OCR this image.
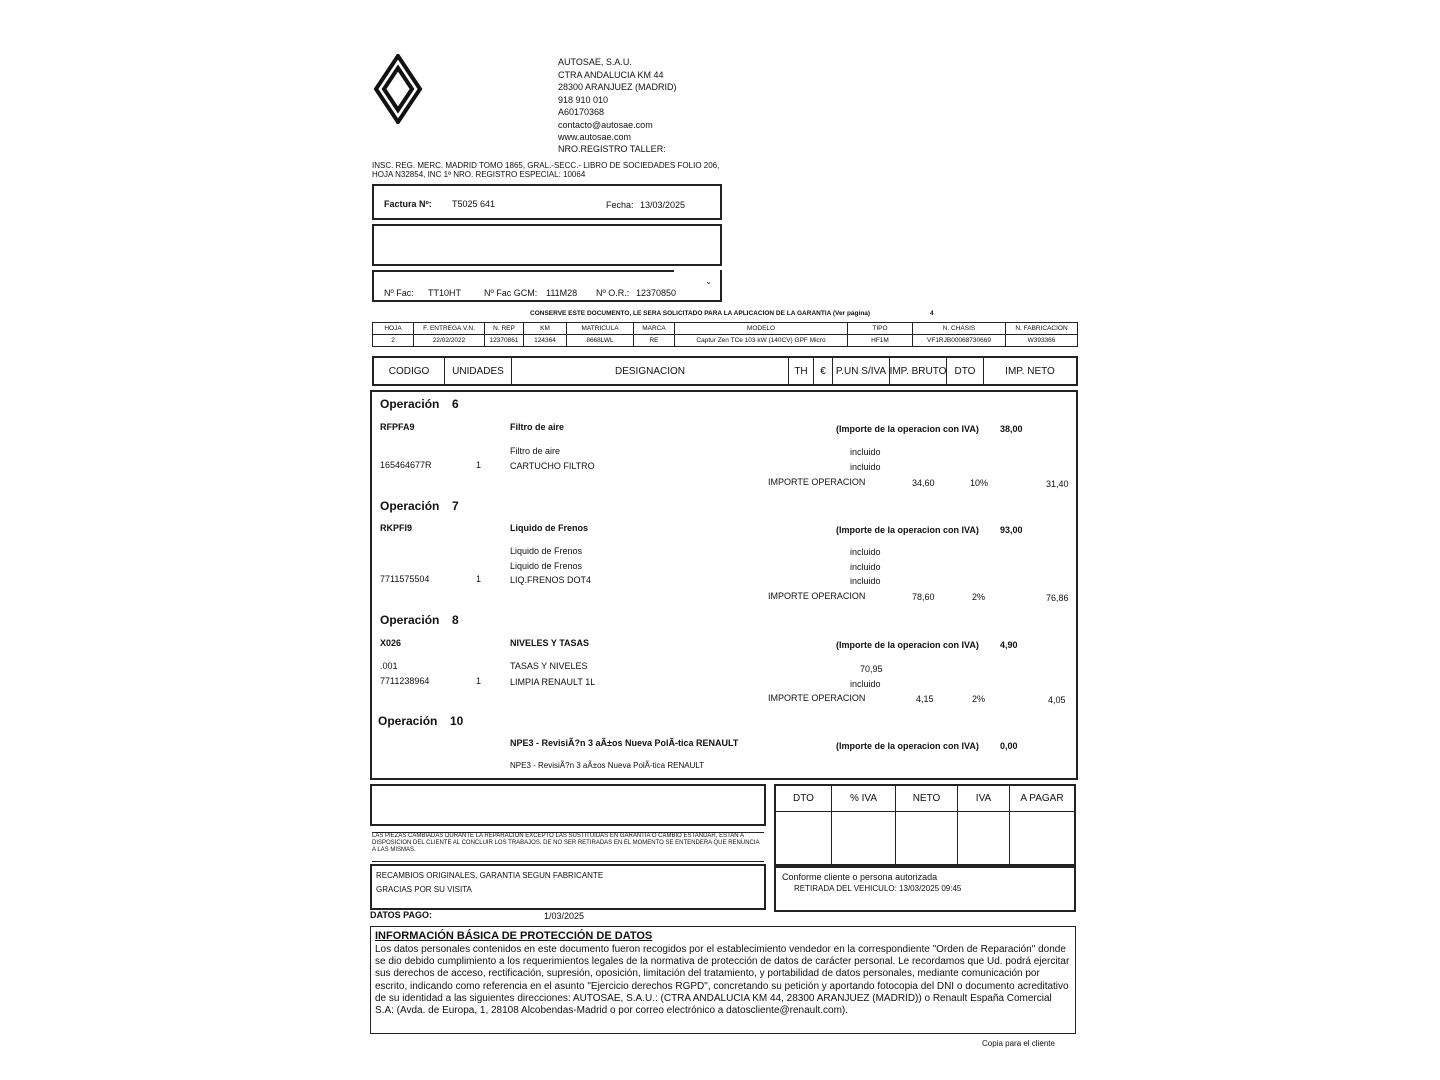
AUTOSAE, S.A.U.
CTRA ANDALUCIA KM 44
28300 ARANJUEZ (MADRID)
918 910 010
A60170368
contacto@autosae.com
www.autosae.com
NRO.REGISTRO TALLER:
INSC. REG. MERC. MADRID TOMO 1865, GRAL.-SECC.- LIBRO DE SOCIEDADES FOLIO 206,
HOJA N32854, INC 1ª NRO. REGISTRO ESPECIAL: 10064
Factura Nº: T5025 641	Fecha: 13/03/2025
⌄
Nº Fac: TT10HT	Nº Fac GCM: 111M28 Nº O.R.: 12370850
CONSERVE ESTE DOCUMENTO, LE SERA SOLICITADO PARA LA APLICACION DE LA GARANTIA (Ver página)	4
HOJA	F. ENTREGA V.N.	N. REP	KM	MATRICULA	MARCA	MODELO	TIPO	N. CHASIS	N. FABRICACION
2	22/02/2022	12370861	124364	8668LWL	RE	Captur Zen TCe 103 kW (140CV) GPF Micro	HF1M	VF1RJB00068730669	W393366
CODIGO	UNIDADES	DESIGNACION	TH	€	P.UN S/IVA IMP. BRUTO DTO	IMP. NETO
Operación 6
RFPFA9	Filtro de aire	(Importe de la operacion con IVA) 38,00
Filtro de aire	incluido
165464677R	1	CARTUCHO FILTRO	incluido
IMPORTE OPERACION	34,60	10%	31,40
Operación 7
RKPFI9	Liquido de Frenos	(Importe de la operacion con IVA) 93,00
Liquido de Frenos	incluido
Liquido de Frenos	incluido
7711575504	1	LIQ.FRENOS DOT4	incluido
IMPORTE OPERACION	78,60	2%	76,86
Operación 8
X026	NIVELES Y TASAS	(Importe de la operacion con IVA) 4,90
.001	TASAS Y NIVELES	70,95
7711238964	1	LIMPIA RENAULT 1L	incluido
IMPORTE OPERACION	4,15	2%	4,05
Operación 10
NPE3 - RevisiÃ?n 3 aÃ±os Nueva PolÃ-tica RENAULT	(Importe de la operacion con IVA) 0,00
NPE3 - RevisiÃ?n 3 aÃ±os Nueva PolÃ-tica RENAULT
LAS PIEZAS CAMBIADAS DURANTE LA REPARACION EXCEPTO LAS SUSTITUIDAS EN GARANTIA O CAMBIO ESTANDAR, ESTAN A DISPOSICION DEL CLIENTE AL CONCLUIR LOS TRABAJOS. DE NO SER RETIRADAS EN EL MOMENTO SE ENTENDERA QUE RENUNCIA A LAS MISMAS.
RECAMBIOS ORIGINALES, GARANTIA SEGUN FABRICANTE
GRACIAS POR SU VISITA
DTO	% IVA	NETO	IVA	A PAGAR
Conforme cliente o persona autorizada
RETIRADA DEL VEHICULO: 13/03/2025 09:45
DATOS PAGO:	1/03/2025

INFORMACIÓN BÁSICA DE PROTECCIÓN DE DATOS

Los datos personales contenidos en este documento fueron recogidos por el establecimiento vendedor en la correspondiente "Orden de Reparación" donde se dio debido cumplimiento a los requerimientos legales de la normativa de protección de datos de carácter personal. Le recordamos que Ud. podrá ejercitar sus derechos de acceso, rectificación, supresión, oposición, limitación del tratamiento, y portabilidad de datos personales, mediante comunicación por escrito, indicando como referencia en el asunto "Ejercicio derechos RGPD", concretando su petición y aportando fotocopia del DNI o documento acreditativo de su identidad a las siguientes direcciones: AUTOSAE, S.A.U.: (CTRA ANDALUCIA KM 44, 28300 ARANJUEZ (MADRID)) o Renault España Comercial S.A: (Avda. de Europa, 1, 28108 Alcobendas-Madrid o por correo electrónico a datoscliente@renault.com).

Copia para el cliente
